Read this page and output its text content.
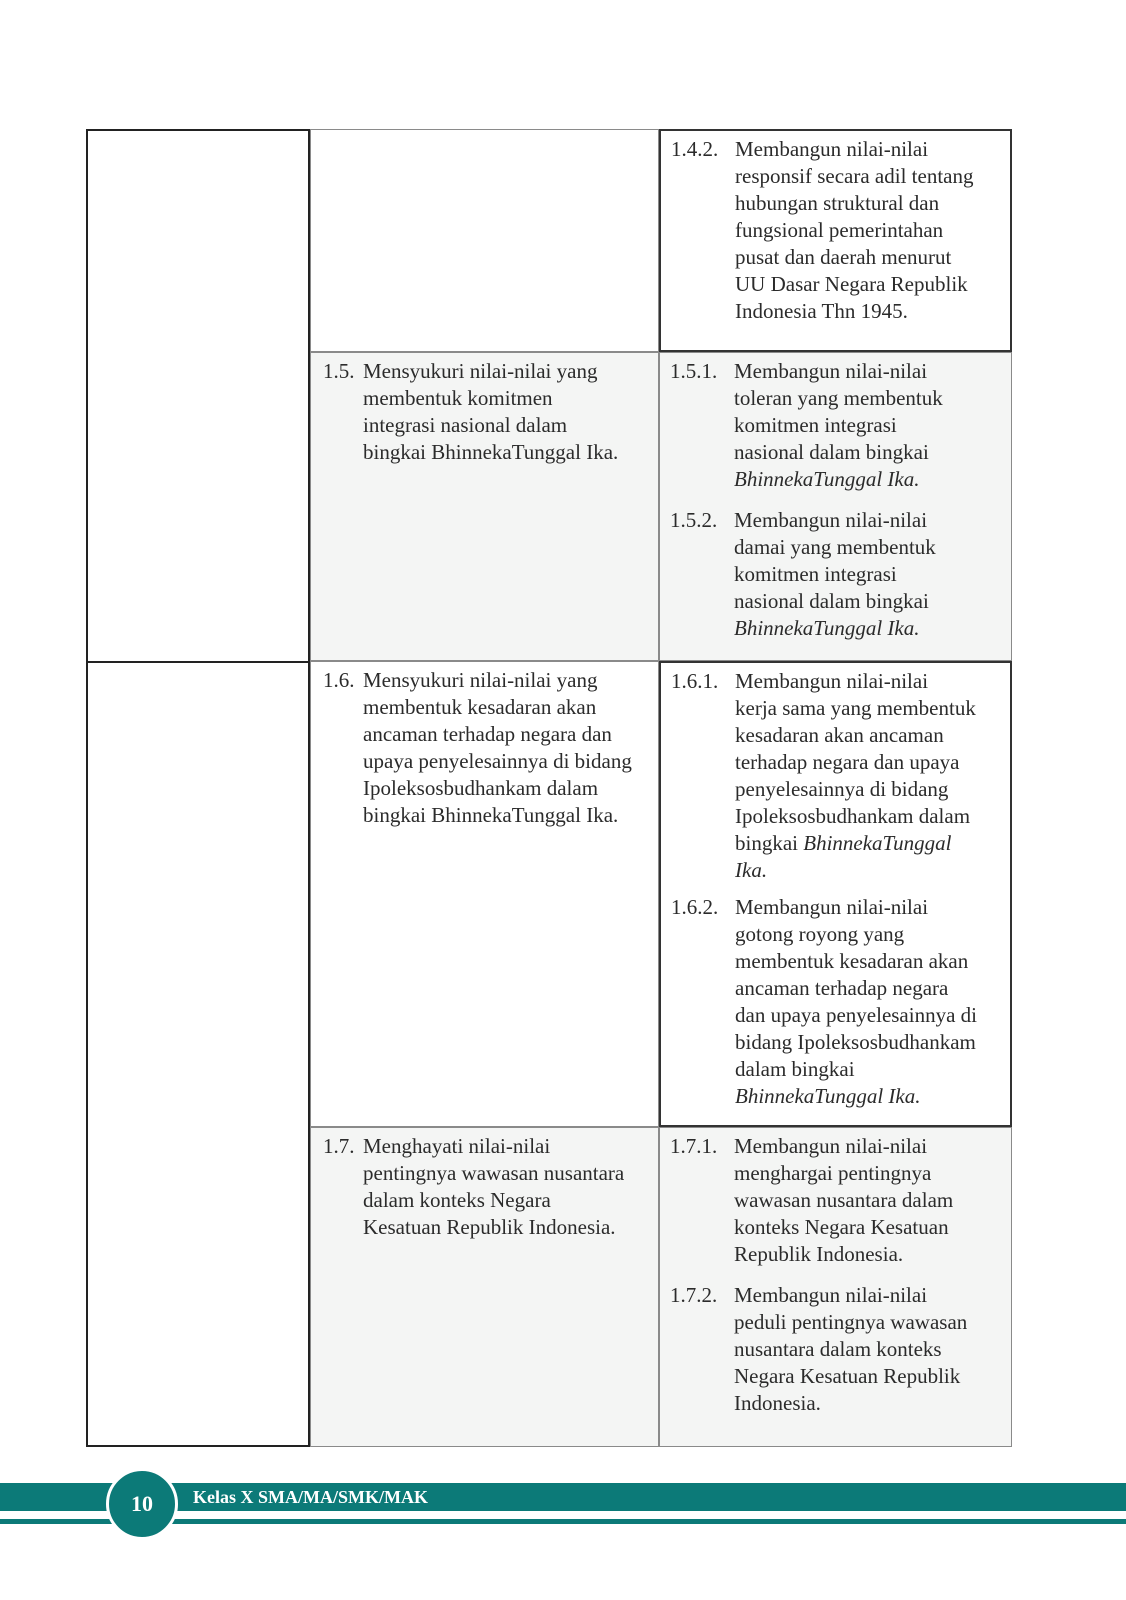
1.4.2. Membangun nilai-nilai
responsif secara adil tentang
hubungan struktural dan
fungsional pemerintahan
pusat dan daerah menurut
UU Dasar Negara Republik
Indonesia Thn 1945.
1.5. Mensyukuri nilai-nilai yang
membentuk komitmen
integrasi nasional dalam
bingkai BhinnekaTunggal Ika.
1.5.1. Membangun nilai-nilai
toleran yang membentuk
komitmen integrasi
nasional dalam bingkai
BhinnekaTunggal Ika.
1.5.2. Membangun nilai-nilai
damai yang membentuk
komitmen integrasi
nasional dalam bingkai
BhinnekaTunggal Ika.
1.6. Mensyukuri nilai-nilai yang
membentuk kesadaran akan
ancaman terhadap negara dan
upaya penyelesainnya di bidang
Ipoleksosbudhankam dalam
bingkai BhinnekaTunggal Ika.
1.6.1. Membangun nilai-nilai
kerja sama yang membentuk
kesadaran akan ancaman
terhadap negara dan upaya
penyelesainnya di bidang
Ipoleksosbudhankam dalam
bingkai BhinnekaTunggal
Ika.
1.6.2. Membangun nilai-nilai
gotong royong yang
membentuk kesadaran akan
ancaman terhadap negara
dan upaya penyelesainnya di
bidang Ipoleksosbudhankam
dalam bingkai
BhinnekaTunggal Ika.
1.7. Menghayati nilai-nilai
pentingnya wawasan nusantara
dalam konteks Negara
Kesatuan Republik Indonesia.
1.7.1. Membangun nilai-nilai
menghargai pentingnya
wawasan nusantara dalam
konteks Negara Kesatuan
Republik Indonesia.
1.7.2. Membangun nilai-nilai
peduli pentingnya wawasan
nusantara dalam konteks
Negara Kesatuan Republik
Indonesia.
10	Kelas X SMA/MA/SMK/MAK
